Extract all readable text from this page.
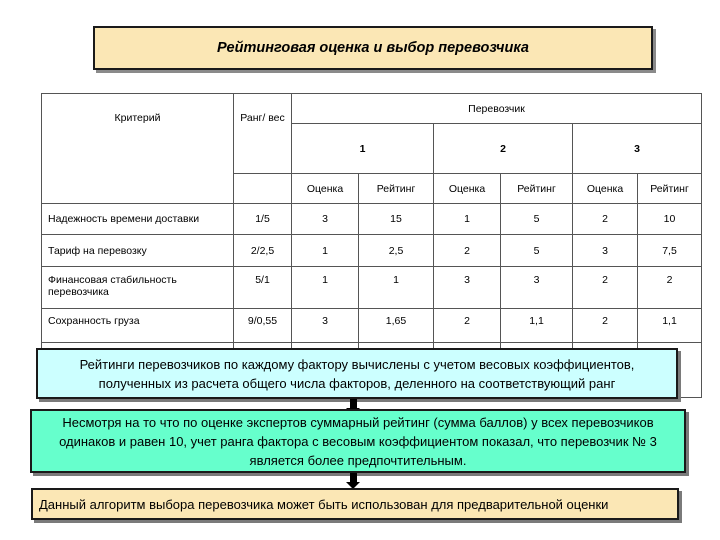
Рейтинговая оценка и выбор перевозчика
Критерий	Ранг/ вес	Перевозчик					
		1		2		3	
		Оценка	Рейтинг	Оценка	Рейтинг	Оценка	Рейтинг
Надежность времени доставки	1/5	3	15	1	5	2	10
Тариф на перевозку	2/2,5	1	2,5	2	5	3	7,5
Финансовая стабильность перевозчика	5/1	1	1	3	3	2	2
Сохранность груза	9/0,55	3	1,65	2	1,1	2	1,1

Рейтинги перевозчиков по каждому фактору вычислены с учетом весовых коэффициентов, полученных из расчета общего числа факторов, деленного на соответствующий ранг
Несмотря на то что по оценке экспертов суммарный рейтинг (сумма баллов) у всех перевозчиков одинаков и равен 10, учет ранга фактора с весовым коэффициентом показал, что перевозчик № 3 является более предпочтительным.
Данный алгоритм выбора перевозчика может быть использован для предварительной оценки
